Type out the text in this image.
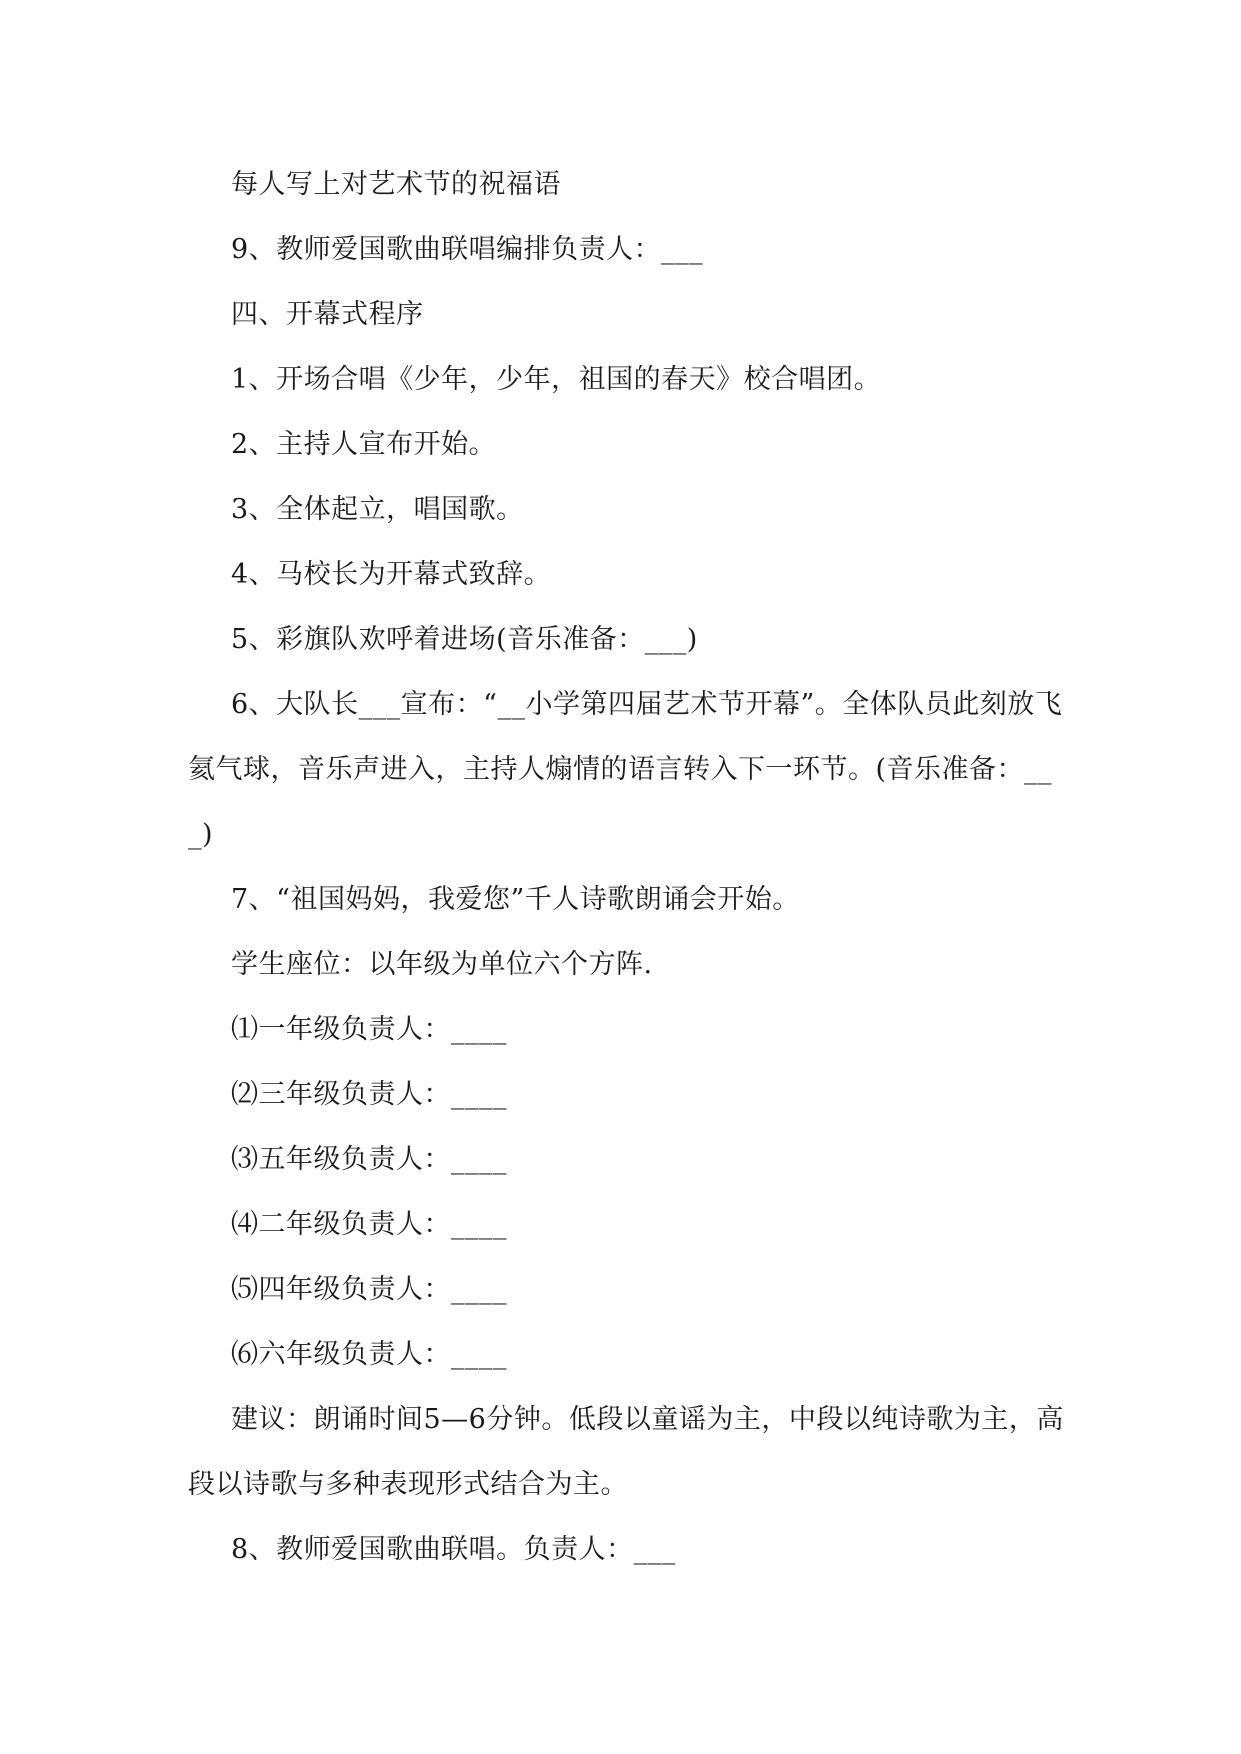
每人写上对艺术节的祝福语

9、教师爱国歌曲联唱编排负责人：___

四、开幕式程序

1、开场合唱《少年，少年，祖国的春天》校合唱团。

2、主持人宣布开始。

3、全体起立，唱国歌。

4、马校长为开幕式致辞。

5、彩旗队欢呼着进场(音乐准备：___)

6、大队长___宣布：“__小学第四届艺术节开幕”。全体队员此刻放飞氦气球，音乐声进入，主持人煽情的语言转入下一环节。(音乐准备：___)

7、“祖国妈妈，我爱您”千人诗歌朗诵会开始。

学生座位：以年级为单位六个方阵.

⑴一年级负责人：____

⑵三年级负责人：____

⑶五年级负责人：____

⑷二年级负责人：____

⑸四年级负责人：____

⑹六年级负责人：____

建议：朗诵时间5—6分钟。低段以童谣为主，中段以纯诗歌为主，高段以诗歌与多种表现形式结合为主。

8、教师爱国歌曲联唱。负责人：___
